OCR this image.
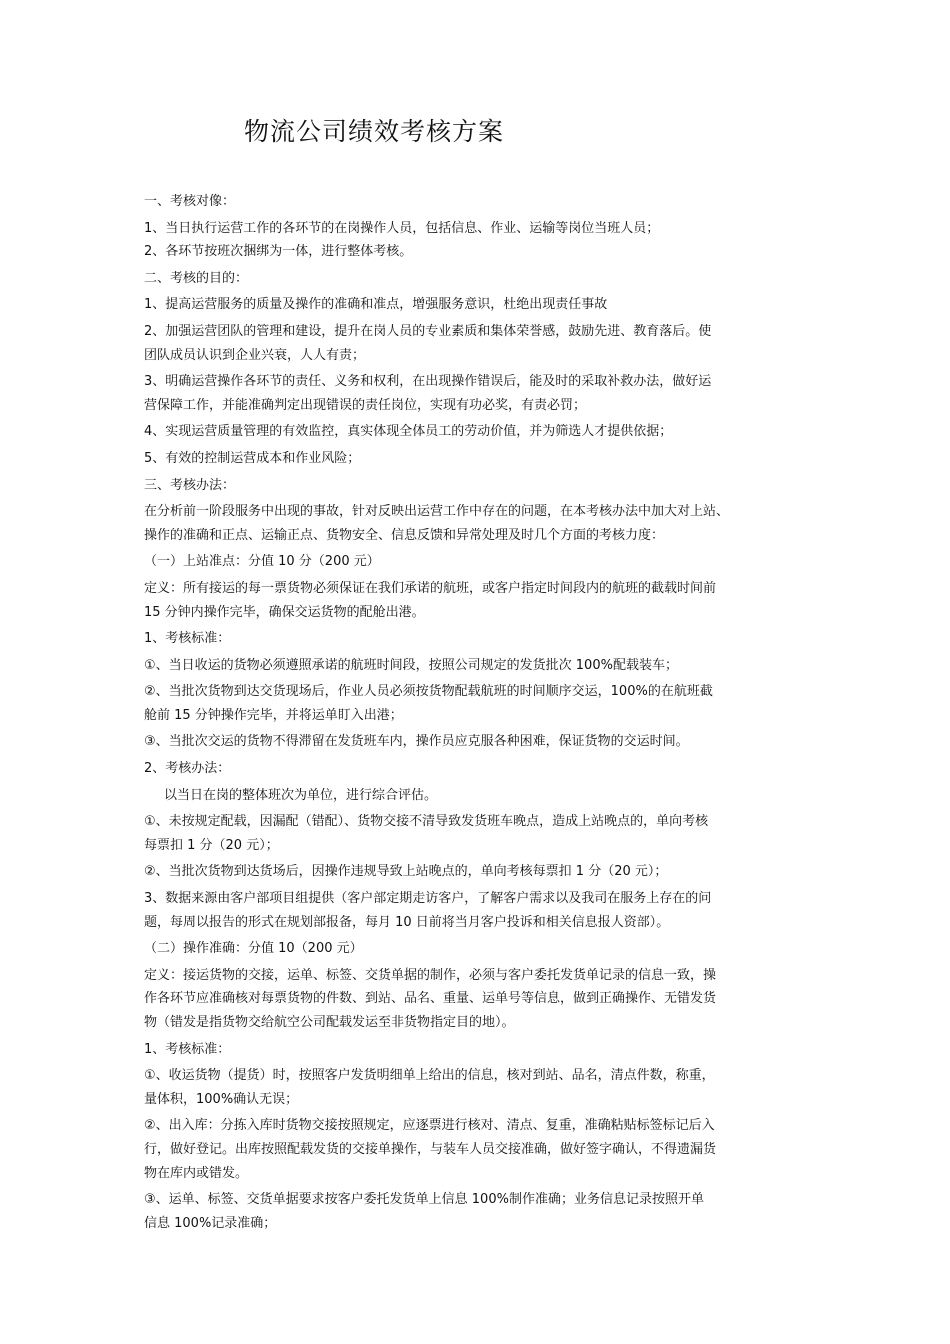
物流公司绩效考核方案

一、考核对像：

1、当日执行运营工作的各环节的在岗操作人员，包括信息、作业、运输等岗位当班人员；

2、各环节按班次捆绑为一体，进行整体考核。

二、考核的目的：

1、提高运营服务的质量及操作的准确和准点，增强服务意识，杜绝出现责任事故

2、加强运营团队的管理和建设，提升在岗人员的专业素质和集体荣誉感，鼓励先进、教育落后。使

团队成员认识到企业兴衰，人人有责；

3、明确运营操作各环节的责任、义务和权利，在出现操作错误后，能及时的采取补救办法，做好运

营保障工作，并能准确判定出现错误的责任岗位，实现有功必奖，有责必罚；

4、实现运营质量管理的有效监控，真实体现全体员工的劳动价值，并为筛选人才提供依据；

5、有效的控制运营成本和作业风险；

三、考核办法：

在分析前一阶段服务中出现的事故，针对反映出运营工作中存在的问题，在本考核办法中加大对上站、

操作的准确和正点、运输正点、货物安全、信息反馈和异常处理及时几个方面的考核力度：

（一）上站准点：分值 10 分（200 元）

定义：所有接运的每一票货物必须保证在我们承诺的航班，或客户指定时间段内的航班的截载时间前

15 分钟内操作完毕，确保交运货物的配舱出港。

1、考核标准：

①、当日收运的货物必须遵照承诺的航班时间段，按照公司规定的发货批次 100%配载装车；

②、当批次货物到达交货现场后，作业人员必须按货物配载航班的时间顺序交运，100%的在航班截

舱前 15 分钟操作完毕，并将运单盯入出港；

③、当批次交运的货物不得滞留在发货班车内，操作员应克服各种困难，保证货物的交运时间。

2、考核办法：

以当日在岗的整体班次为单位，进行综合评估。

①、未按规定配载，因漏配（错配）、货物交接不清导致发货班车晚点，造成上站晚点的，单向考核

每票扣 1 分（20 元）；

②、当批次货物到达货场后，因操作违规导致上站晚点的，单向考核每票扣 1 分（20 元）；

3、数据来源由客户部项目组提供（客户部定期走访客户，了解客户需求以及我司在服务上存在的问

题，每周以报告的形式在规划部报备，每月 10 日前将当月客户投诉和相关信息报人资部）。

（二）操作准确：分值 10（200 元）

定义：接运货物的交接，运单、标签、交货单据的制作，必须与客户委托发货单记录的信息一致，操

作各环节应准确核对每票货物的件数、到站、品名、重量、运单号等信息，做到正确操作、无错发货

物（错发是指货物交给航空公司配载发运至非货物指定目的地）。

1、考核标准：

①、收运货物（提货）时，按照客户发货明细单上给出的信息，核对到站、品名，清点件数，称重，

量体积，100%确认无误；

②、出入库：分拣入库时货物交接按照规定，应逐票进行核对、清点、复重，准确粘贴标签标记后入

行，做好登记。出库按照配载发货的交接单操作，与装车人员交接准确，做好签字确认，不得遗漏货

物在库内或错发。

③、运单、标签、交货单据要求按客户委托发货单上信息 100%制作准确；业务信息记录按照开单

信息 100%记录准确；
